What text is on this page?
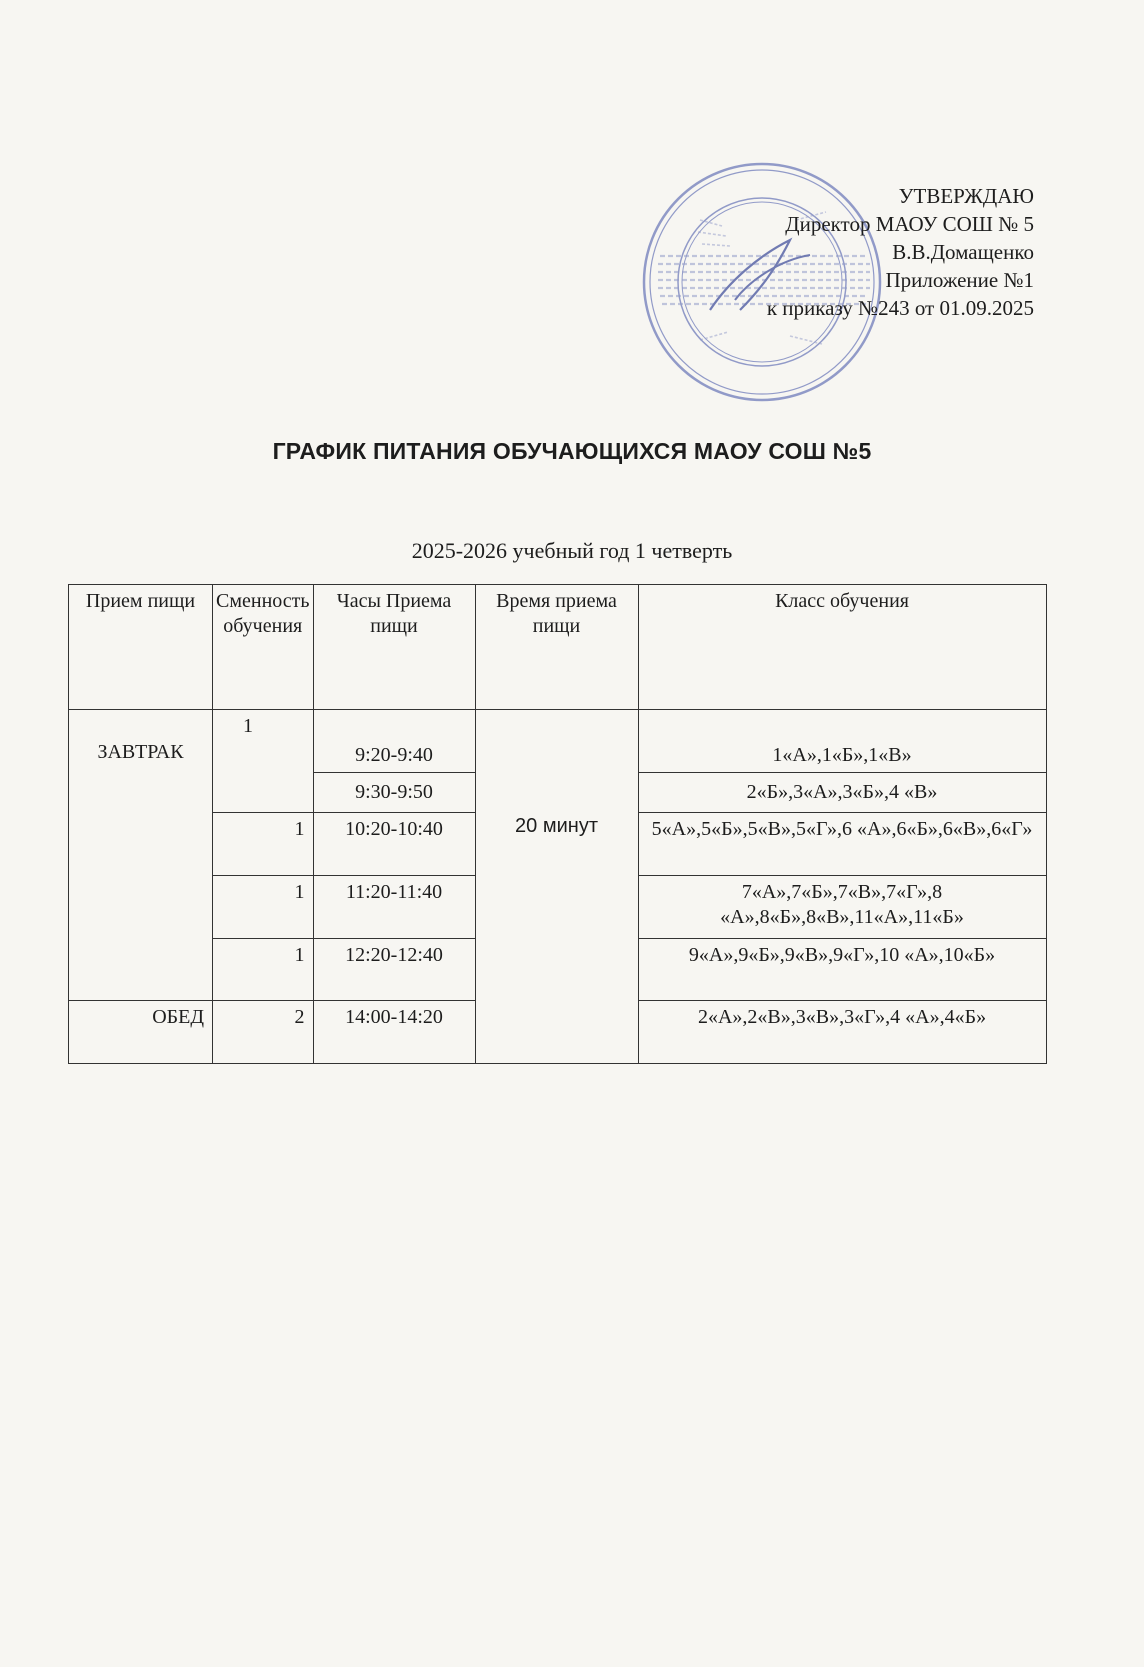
УТВЕРЖДАЮ
Директор МАОУ СОШ № 5
В.В.Домащенко
Приложение №1
к приказу №243 от 01.09.2025
ГРАФИК ПИТАНИЯ ОБУЧАЮЩИХСЯ МАОУ СОШ №5
2025-2026 учебный год 1 четверть
Прием пищи	Сменность обучения	Часы Приема пищи	Время приема пищи	Класс обучения
ЗАВТРАК	1	9:20-9:40	20 минут	1«А»,1«Б»,1«В»
		9:30-9:50		2«Б»,3«А»,3«Б»,4 «В»
	1	10:20-10:40		5«А»,5«Б»,5«В»,5«Г»,6 «А»,6«Б»,6«В»,6«Г»
	1	11:20-11:40		7«А»,7«Б»,7«В»,7«Г»,8 «А»,8«Б»,8«В»,11«А»,11«Б»
	1	12:20-12:40		9«А»,9«Б»,9«В»,9«Г»,10 «А»,10«Б»
ОБЕД	2	14:00-14:20		2«А»,2«В»,3«В»,3«Г»,4 «А»,4«Б»
